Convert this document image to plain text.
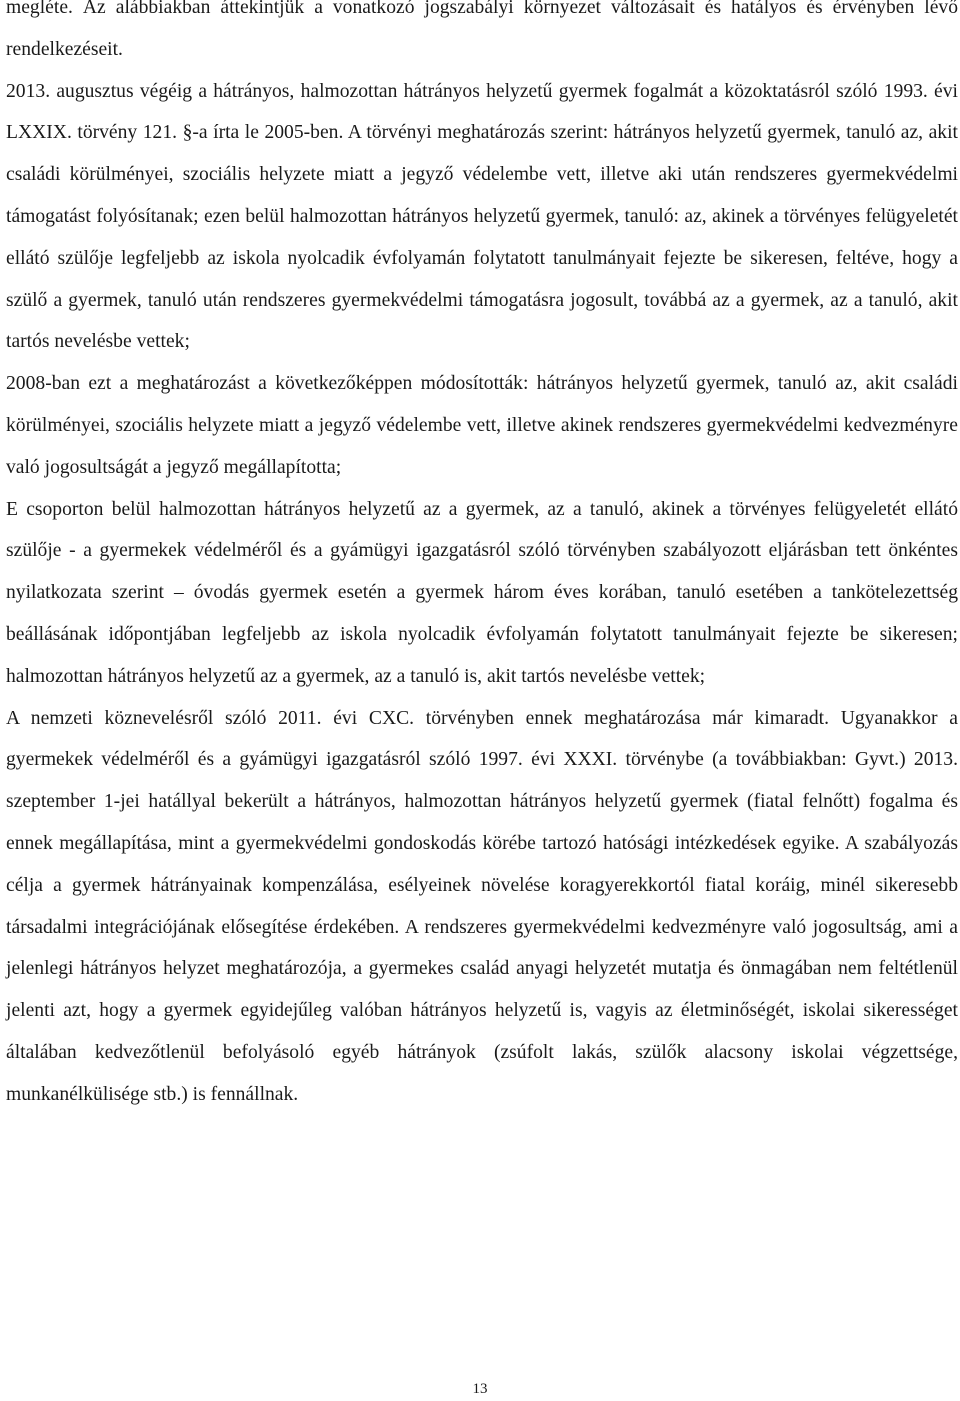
meglétе. Az alábbiakban áttekintjük a vonatkozó jogszabályi környezet változásait és hatályos és érvényben lévő rendelkezéseit.

2013. augusztus végéig a hátrányos, halmozottan hátrányos helyzetű gyermek fogalmát a közoktatásról szóló 1993. évi LXXIX. törvény 121. §-a írta le 2005-ben. A törvényi meghatározás szerint: hátrányos helyzetű gyermek, tanuló az, akit családi körülményei, szociális helyzete miatt a jegyző védelembe vett, illetve aki után rendszeres gyermekvédelmi támogatást folyósítanak; ezen belül halmozottan hátrányos helyzetű gyermek, tanuló: az, akinek a törvényes felügyeletét ellátó szülője legfeljebb az iskola nyolcadik évfolyamán folytatott tanulmányait fejezte be sikeresen, feltéve, hogy a szülő a gyermek, tanuló után rendszeres gyermekvédelmi támogatásra jogosult, továbbá az a gyermek, az a tanuló, akit tartós nevelésbe vettek;

2008-ban ezt a meghatározást a következőképpen módosították: hátrányos helyzetű gyermek, tanuló az, akit családi körülményei, szociális helyzete miatt a jegyző védelembe vett, illetve akinek rendszeres gyermekvédelmi kedvezményre való jogosultságát a jegyző megállapította;

E csoporton belül halmozottan hátrányos helyzetű az a gyermek, az a tanuló, akinek a törvényes felügyeletét ellátó szülője - a gyermekek védelméről és a gyámügyi igazgatásról szóló törvényben szabályozott eljárásban tett önkéntes nyilatkozata szerint – óvodás gyermek esetén a gyermek három éves korában, tanuló esetében a tankötelezettség beállásának időpontjában legfeljebb az iskola nyolcadik évfolyamán folytatott tanulmányait fejezte be sikeresen; halmozottan hátrányos helyzetű az a gyermek, az a tanuló is, akit tartós nevelésbe vettek;

A nemzeti köznevelésről szóló 2011. évi CXC. törvényben ennek meghatározása már kimaradt. Ugyanakkor a gyermekek védelméről és a gyámügyi igazgatásról szóló 1997. évi XXXI. törvénybe (a továbbiakban: Gyvt.) 2013. szeptember 1-jei hatállyal bekerült a hátrányos, halmozottan hátrányos helyzetű gyermek (fiatal felnőtt) fogalma és ennek megállapítása, mint a gyermekvédelmi gondoskodás körébe tartozó hatósági intézkedések egyike. A szabályozás célja a gyermek hátrányainak kompenzálása, esélyeinek növelése koragyerekkortól fiatal koráig, minél sikeresebb társadalmi integrációjának elősegítése érdekében. A rendszeres gyermekvédelmi kedvezményre való jogosultság, ami a jelenlegi hátrányos helyzet meghatározója, a gyermekes család anyagi helyzetét mutatja és önmagában nem feltétlenül jelenti azt, hogy a gyermek egyidejűleg valóban hátrányos helyzetű is, vagyis az életminőségét, iskolai sikerességet általában kedvezőtlenül befolyásoló egyéb hátrányok (zsúfolt lakás, szülők alacsony iskolai végzettsége, munkanélkülisége stb.) is fennállnak.

13
